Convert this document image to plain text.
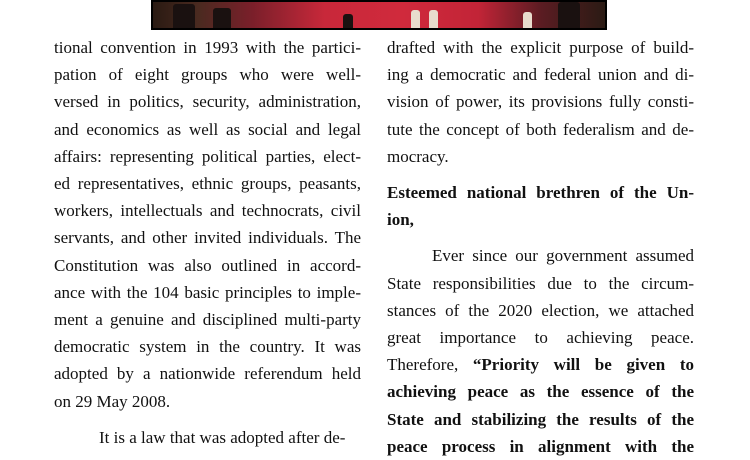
tional convention in 1993 with the partici-
pation of eight groups who were well-
versed in politics, security, administration,
and economics as well as social and legal
affairs: representing political parties, elect-
ed representatives, ethnic groups, peasants,
workers, intellectuals and technocrats, civil
servants, and other invited individuals. The
Constitution was also outlined in accord-
ance with the 104 basic principles to imple-
ment a genuine and disciplined multi-party
democratic system in the country. It was
adopted by a nationwide referendum held
on 29 May 2008.

It is a law that was adopted after de-

drafted with the explicit purpose of build-
ing a democratic and federal union and di-
vision of power, its provisions fully consti-
tute the concept of both federalism and de-
mocracy.

Esteemed national brethren of the Un-
ion,

Ever since our government assumed
State responsibilities due to the circum-
stances of the 2020 election, we attached
great importance to achieving peace.
Therefore, “Priority will be given to
achieving peace as the essence of the
State and stabilizing the results of the
peace process in alignment with the
